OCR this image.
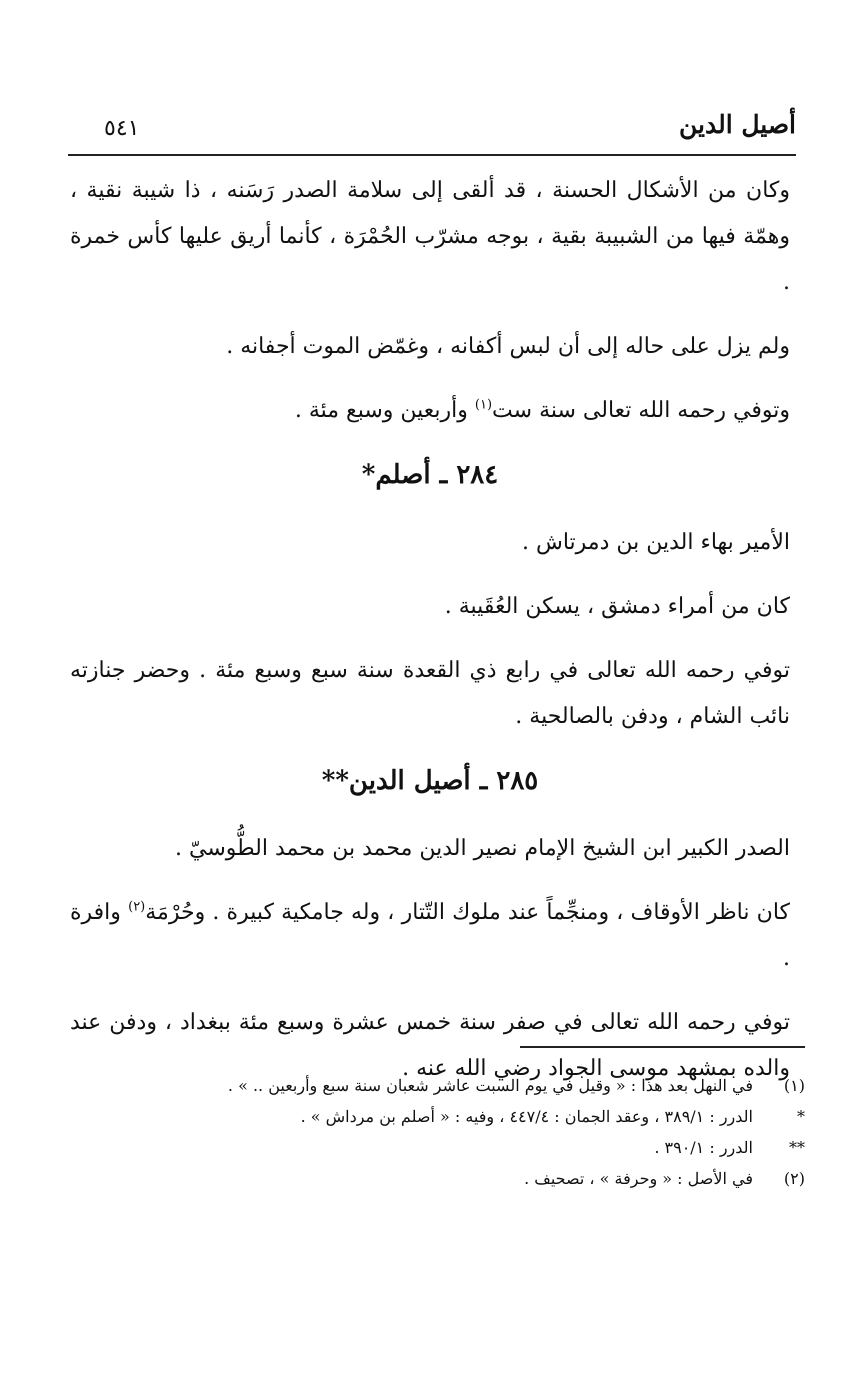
أصيل الدين
٥٤١

وكان من الأشكال الحسنة ، قد ألقى إلى سلامة الصدر رَسَنه ، ذا شيبة نقية ، وهمّة فيها من الشبيبة بقية ، بوجه مشرّب الحُمْرَة ، كأنما أريق عليها كأس خمرة .

ولم يزل على حاله إلى أن لبس أكفانه ، وغمّض الموت أجفانه .

وتوفي رحمه الله تعالى سنة ست$^{(١)}$ وأربعين وسبع مئة .

٢٨٤ ـ أصلم*

الأمير بهاء الدين بن دمرتاش .

كان من أمراء دمشق ، يسكن العُقَيبة .

توفي رحمه الله تعالى في رابع ذي القعدة سنة سبع وسبع مئة . وحضر جنازته نائب الشام ، ودفن بالصالحية .

٢٨٥ ـ أصيل الدين**

الصدر الكبير ابن الشيخ الإمام نصير الدين محمد بن محمد الطُّوسيّ .

كان ناظر الأوقاف ، ومنجِّماً عند ملوك التّتار ، وله جامكية كبيرة . وحُرْمَة$^{(٢)}$ وافرة .

توفي رحمه الله تعالى في صفر سنة خمس عشرة وسبع مئة ببغداد ، ودفن عند والده بمشهد موسى الجواد رضي الله عنه .

(١)
في النهل بعد هذا : « وقيل في يوم السبت عاشر شعبان سنة سبع وأربعين .. » .
*
الدرر : ٣٨٩/١ ، وعقد الجمان : ٤٤٧/٤ ، وفيه : « أصلم بن مرداش » .
**
الدرر : ٣٩٠/١ .
(٢)
في الأصل : « وحرفة » ، تصحيف .
